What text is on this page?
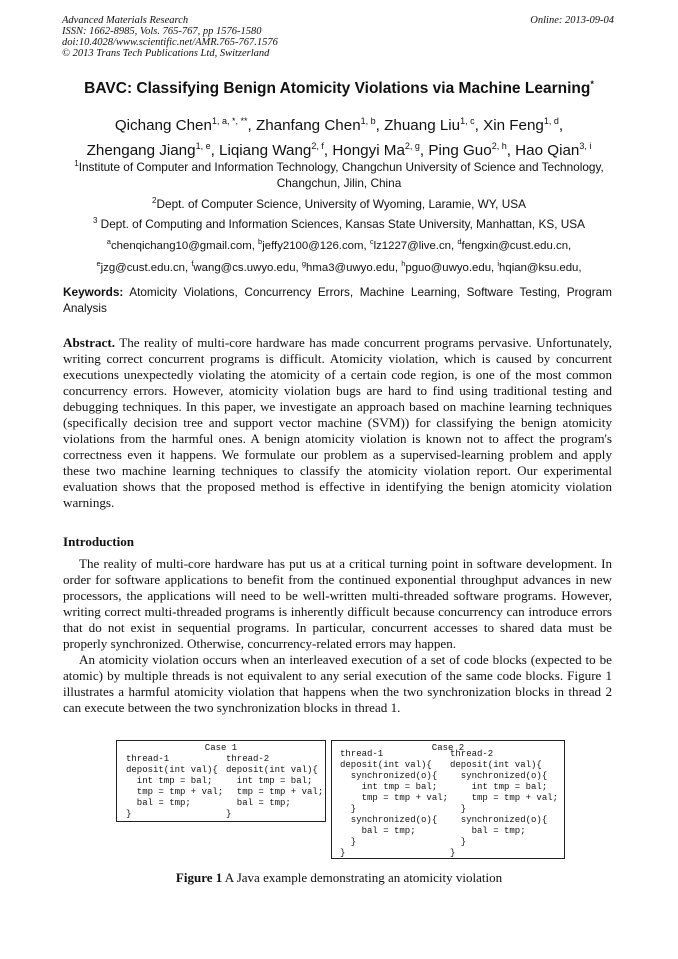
Advanced Materials Research
ISSN: 1662-8985, Vols. 765-767, pp 1576-1580
doi:10.4028/www.scientific.net/AMR.765-767.1576
© 2013 Trans Tech Publications Ltd, Switzerland
Online: 2013-09-04
BAVC: Classifying Benign Atomicity Violations via Machine Learning*
Qichang Chen$^{1, a, *, **}$, Zhanfang Chen$^{1, b}$, Zhuang Liu$^{1, c}$, Xin Feng$^{1, d}$,
Zhengang Jiang$^{1, e}$, Liqiang Wang$^{2, f}$, Hongyi Ma$^{2, g}$, Ping Guo$^{2, h}$, Hao Qian$^{3, i}$
$^1$Institute of Computer and Information Technology, Changchun University of Science and Technology, Changchun, Jilin, China
$^2$Dept. of Computer Science, University of Wyoming, Laramie, WY, USA
$^3$ Dept. of Computing and Information Sciences, Kansas State University, Manhattan, KS, USA
$^a$chenqichang10@gmail.com, $^b$jeffy2100@126.com, $^c$lz1227@live.cn, $^d$fengxin@cust.edu.cn,
$^e$jzg@cust.edu.cn, $^f$wang@cs.uwyo.edu, $^g$hma3@uwyo.edu, $^h$pguo@uwyo.edu, $^i$hqian@ksu.edu,
Keywords: Atomicity Violations, Concurrency Errors, Machine Learning, Software Testing, Program Analysis
Abstract. The reality of multi-core hardware has made concurrent programs pervasive. Unfortunately, writing correct concurrent programs is difficult. Atomicity violation, which is caused by concurrent executions unexpectedly violating the atomicity of a certain code region, is one of the most common concurrency errors. However, atomicity violation bugs are hard to find using traditional testing and debugging techniques. In this paper, we investigate an approach based on machine learning techniques (specifically decision tree and support vector machine (SVM)) for classifying the benign atomicity violations from the harmful ones. A benign atomicity violation is known not to affect the program's correctness even it happens. We formulate our problem as a supervised-learning problem and apply these two machine learning techniques to classify the atomicity violation report. Our experimental evaluation shows that the proposed method is effective in identifying the benign atomicity violation warnings.
Introduction

The reality of multi-core hardware has put us at a critical turning point in software development. In order for software applications to benefit from the continued exponential throughput advances in new processors, the applications will need to be well-written multi-threaded software programs. However, writing correct multi-threaded programs is inherently difficult because concurrency can introduce errors that do not exist in sequential programs. In particular, concurrent accesses to shared data must be properly synchronized. Otherwise, concurrency-related errors may happen.

An atomicity violation occurs when an interleaved execution of a set of code blocks (expected to be atomic) by multiple threads is not equivalent to any serial execution of the same code blocks. Figure 1 illustrates a harmful atomicity violation that happens when the two synchronization blocks in thread 2 can execute between the two synchronization blocks in thread 1.

Case 1
thread-1
deposit(int val){
int tmp = bal;
tmp = tmp + val;
bal = tmp;
}
thread-2
deposit(int val){
int tmp = bal;
tmp = tmp + val;
bal = tmp;
}
Case 2
thread-1
deposit(int val){
synchronized(o){
int tmp = bal;
tmp = tmp + val;
}
synchronized(o){
bal = tmp;
}
}
thread-2
deposit(int val){
synchronized(o){
int tmp = bal;
tmp = tmp + val;
}
synchronized(o){
bal = tmp;
}
}
Figure 1 A Java example demonstrating an atomicity violation
